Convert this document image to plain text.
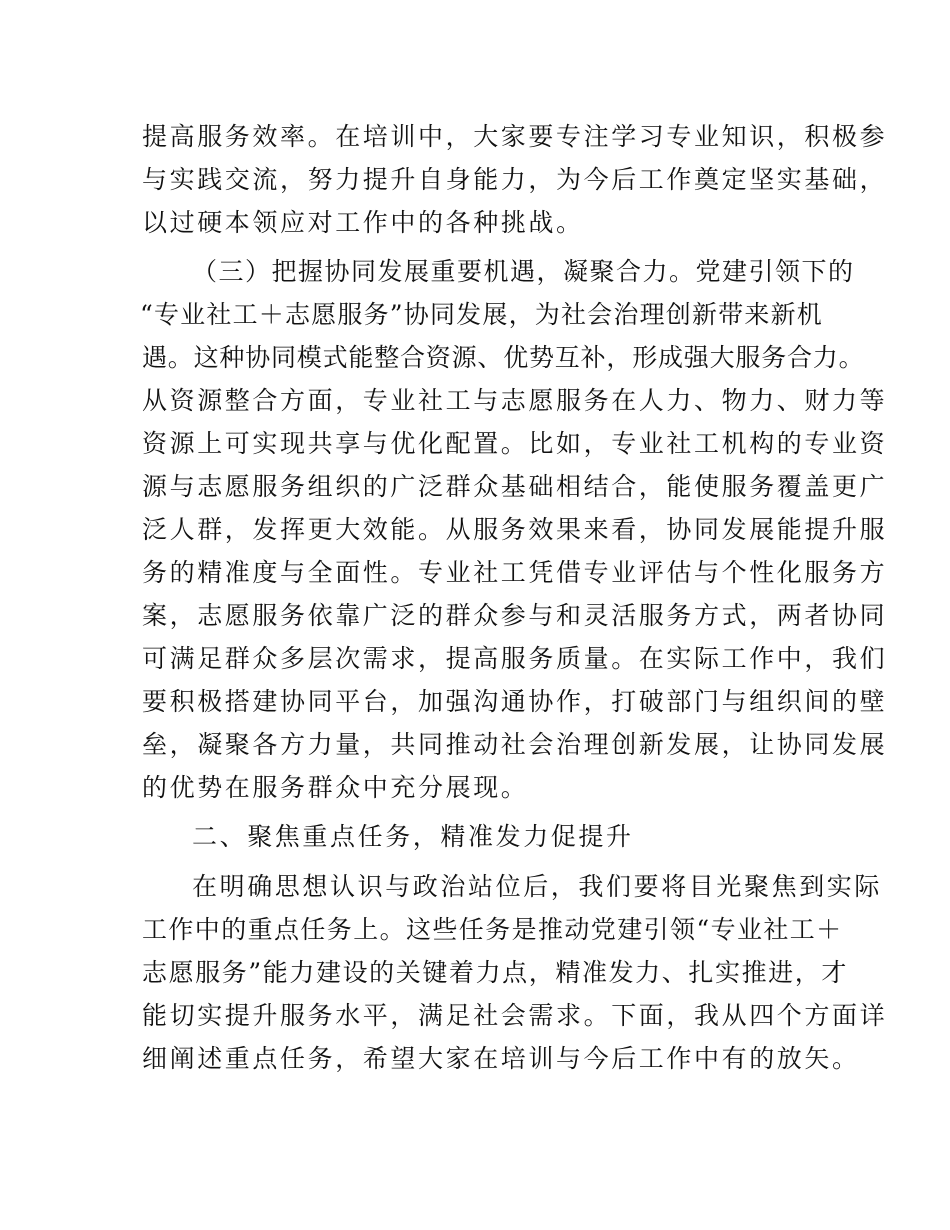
提高服务效率。在培训中，大家要专注学习专业知识，积极参
与实践交流，努力提升自身能力，为今后工作奠定坚实基础，
以过硬本领应对工作中的各种挑战。
（三）把握协同发展重要机遇，凝聚合力。党建引领下的
“专业社工＋志愿服务”协同发展，为社会治理创新带来新机
遇。这种协同模式能整合资源、优势互补，形成强大服务合力。
从资源整合方面，专业社工与志愿服务在人力、物力、财力等
资源上可实现共享与优化配置。比如，专业社工机构的专业资
源与志愿服务组织的广泛群众基础相结合，能使服务覆盖更广
泛人群，发挥更大效能。从服务效果来看，协同发展能提升服
务的精准度与全面性。专业社工凭借专业评估与个性化服务方
案，志愿服务依靠广泛的群众参与和灵活服务方式，两者协同
可满足群众多层次需求，提高服务质量。在实际工作中，我们
要积极搭建协同平台，加强沟通协作，打破部门与组织间的壁
垒，凝聚各方力量，共同推动社会治理创新发展，让协同发展
的优势在服务群众中充分展现。
二、聚焦重点任务，精准发力促提升
在明确思想认识与政治站位后，我们要将目光聚焦到实际
工作中的重点任务上。这些任务是推动党建引领“专业社工＋
志愿服务”能力建设的关键着力点，精准发力、扎实推进，才
能切实提升服务水平，满足社会需求。下面，我从四个方面详
细阐述重点任务，希望大家在培训与今后工作中有的放矢。
